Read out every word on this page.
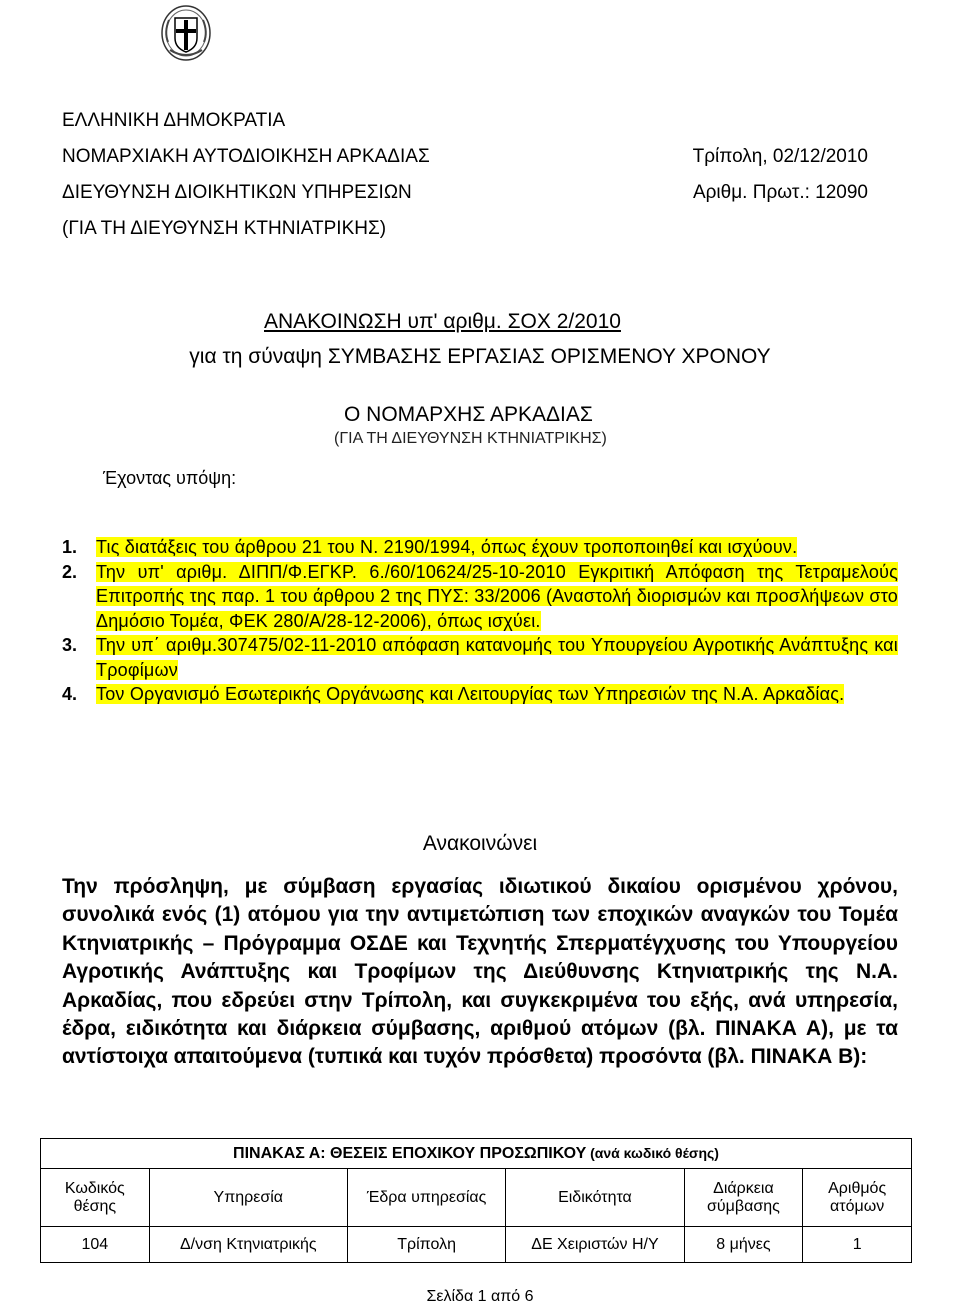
ΕΛΛΗΝΙΚΗ ΔΗΜΟΚΡΑΤΙΑ
ΝΟΜΑΡΧΙΑΚΗ ΑΥΤΟΔΙΟΙΚΗΣΗ ΑΡΚΑΔΙΑΣ
ΔΙΕΥΘΥΝΣΗ ΔΙΟΙΚΗΤΙΚΩΝ ΥΠΗΡΕΣΙΩΝ
(ΓΙΑ ΤΗ ΔΙΕΥΘΥΝΣΗ ΚΤΗΝΙΑΤΡΙΚΗΣ)
Τρίπολη, 02/12/2010
Αριθμ. Πρωτ.: 12090
ΑΝΑΚΟΙΝΩΣΗ υπ' αριθμ. ΣΟΧ 2/2010
για τη σύναψη ΣΥΜΒΑΣΗΣ ΕΡΓΑΣΙΑΣ ΟΡΙΣΜΕΝΟΥ ΧΡΟΝΟΥ
Ο ΝΟΜΑΡΧΗΣ ΑΡΚΑΔΙΑΣ
(ΓΙΑ ΤΗ ΔΙΕΥΘΥΝΣΗ ΚΤΗΝΙΑΤΡΙΚΗΣ)
Έχοντας υπόψη:
1.	Τις διατάξεις του άρθρου 21 του Ν. 2190/1994, όπως έχουν τροποποιηθεί και ισχύουν.
2.	Την υπ' αριθμ. ΔΙΠΠ/Φ.ΕΓΚΡ. 6./60/10624/25-10-2010 Εγκριτική Απόφαση της Τετραμελούς Επιτροπής της παρ. 1 του άρθρου 2 της ΠΥΣ: 33/2006 (Αναστολή διορισμών και προσλήψεων στο Δημόσιο Τομέα, ΦΕΚ 280/Α/28-12-2006), όπως ισχύει.
3.	Την υπ΄ αριθμ.307475/02-11-2010 απόφαση κατανομής του Υπουργείου Αγροτικής Ανάπτυξης και Τροφίμων
4.	Τον Οργανισμό Εσωτερικής Οργάνωσης και Λειτουργίας των Υπηρεσιών της Ν.Α. Αρκαδίας.
Ανακοινώνει
Την πρόσληψη, με σύμβαση εργασίας ιδιωτικού δικαίου ορισμένου χρόνου, συνολικά ενός (1) ατόμου για την αντιμετώπιση των εποχικών αναγκών του Τομέα Κτηνιατρικής – Πρόγραμμα ΟΣΔΕ και Τεχνητής Σπερματέγχυσης του Υπουργείου Αγροτικής Ανάπτυξης και Τροφίμων της Διεύθυνσης Κτηνιατρικής της Ν.Α. Αρκαδίας, που εδρεύει στην Τρίπολη, και συγκεκριμένα του εξής, ανά υπηρεσία, έδρα, ειδικότητα και διάρκεια σύμβασης, αριθμού ατόμων (βλ. ΠΙΝΑΚΑ Α), με τα αντίστοιχα απαιτούμενα (τυπικά και τυχόν πρόσθετα) προσόντα (βλ. ΠΙΝΑΚΑ Β):
ΠΙΝΑΚΑΣ Α: ΘΕΣΕΙΣ ΕΠΟΧΙΚΟΥ ΠΡΟΣΩΠΙΚΟΥ (ανά κωδικό θέσης)					
Κωδικός θέσης	Υπηρεσία	Έδρα υπηρεσίας	Ειδικότητα	Διάρκεια σύμβασης	Αριθμός ατόμων
104	Δ/νση Κτηνιατρικής	Τρίπολη	ΔΕ Χειριστών Η/Υ	8 μήνες	1
Σελίδα 1 από 6
